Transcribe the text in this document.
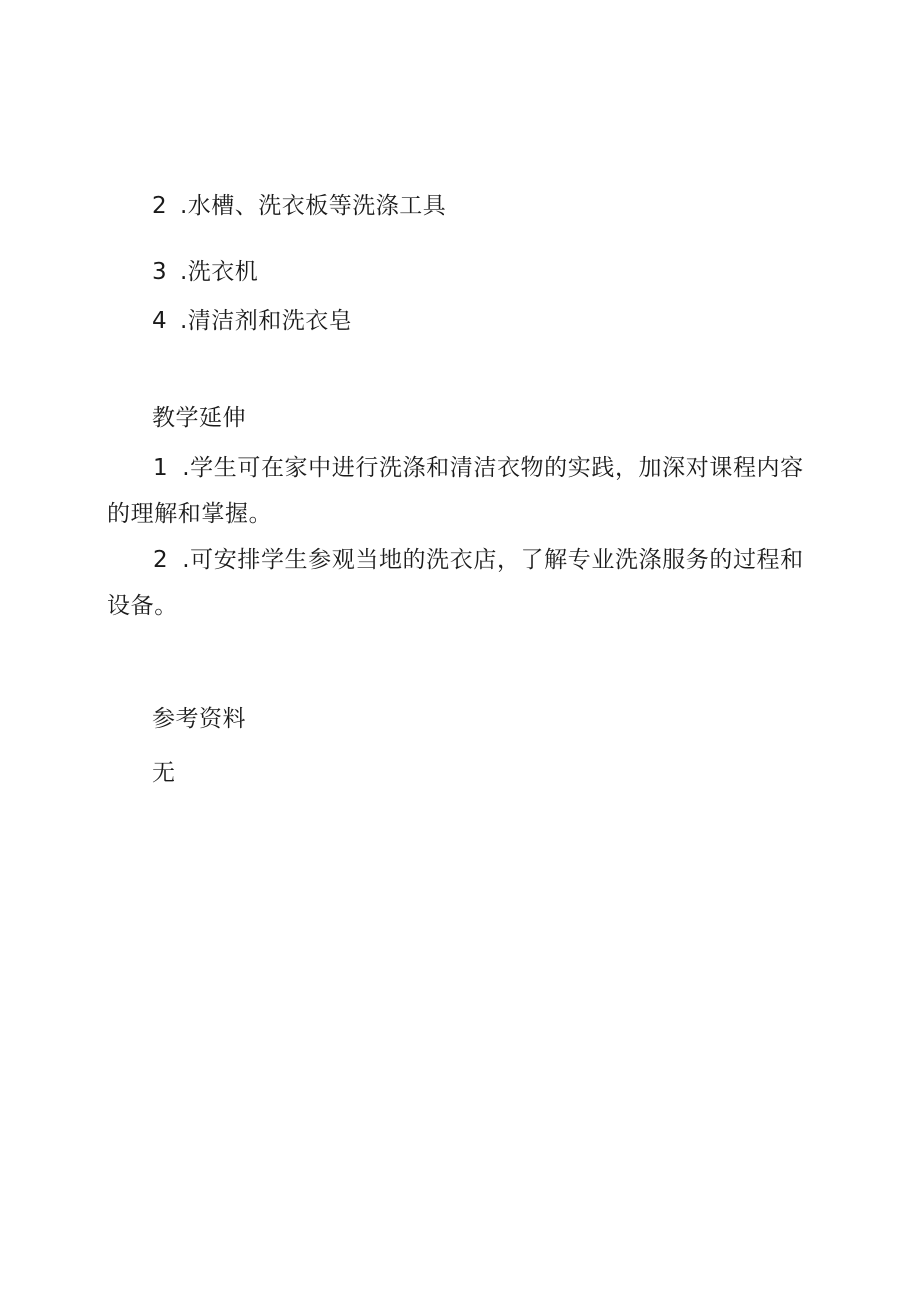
2 .水槽、洗衣板等洗涤工具
3 .洗衣机
4 .清洁剂和洗衣皂
教学延伸
1 .学生可在家中进行洗涤和清洁衣物的实践，加深对课程内容的理解和掌握。
2 .可安排学生参观当地的洗衣店，了解专业洗涤服务的过程和设备。
参考资料
无
